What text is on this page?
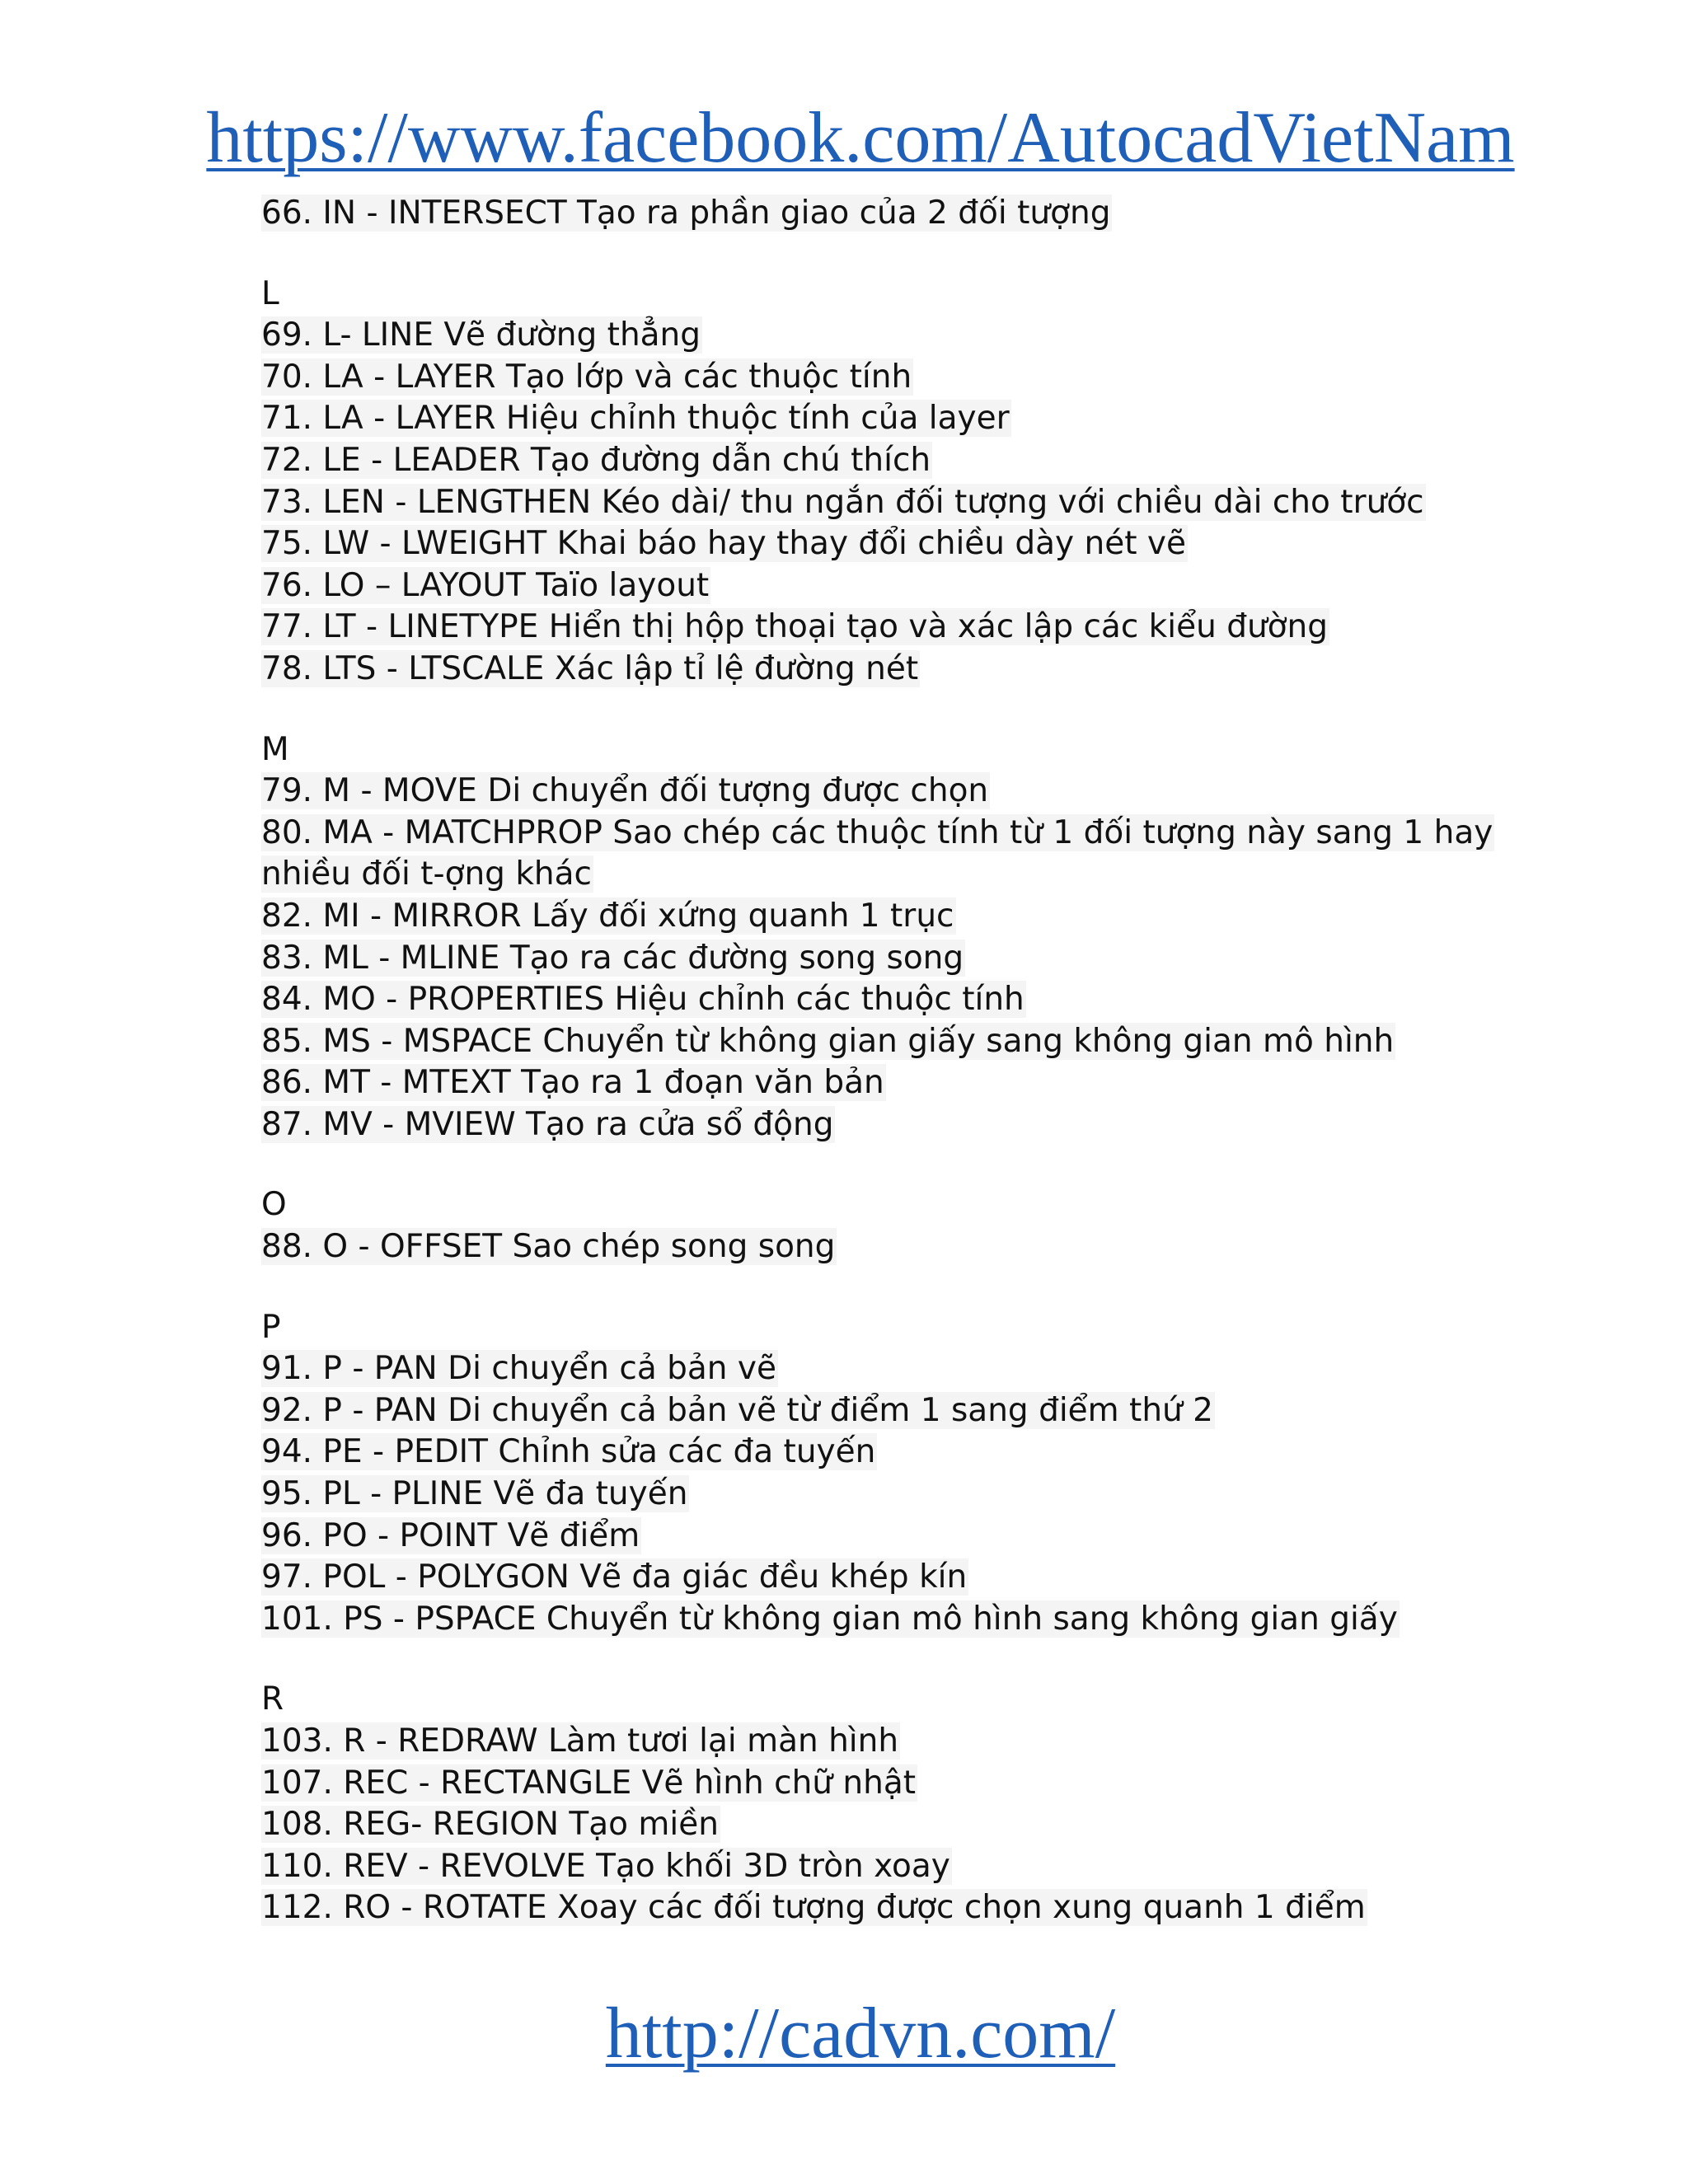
https://www.facebook.com/AutocadVietNam
66. IN - INTERSECT Tạo ra phần giao của 2 đối tượng
L
69. L- LINE Vẽ đường thẳng
70. LA - LAYER Tạo lớp và các thuộc tính
71. LA - LAYER Hiệu chỉnh thuộc tính của layer
72. LE - LEADER Tạo đường dẫn chú thích
73. LEN - LENGTHEN Kéo dài/ thu ngắn đối tượng với chiều dài cho trước
75. LW - LWEIGHT Khai báo hay thay đổi chiều dày nét vẽ
76. LO – LAYOUT Taïo layout
77. LT - LINETYPE Hiển thị hộp thoại tạo và xác lập các kiểu đường
78. LTS - LTSCALE Xác lập tỉ lệ đường nét
M
79. M - MOVE Di chuyển đối tượng được chọn
80. MA - MATCHPROP Sao chép các thuộc tính từ 1 đối tượng này sang 1 hay
nhiều đối t-ợng khác
82. MI - MIRROR Lấy đối xứng quanh 1 trục
83. ML - MLINE Tạo ra các đường song song
84. MO - PROPERTIES Hiệu chỉnh các thuộc tính
85. MS - MSPACE Chuyển từ không gian giấy sang không gian mô hình
86. MT - MTEXT Tạo ra 1 đoạn văn bản
87. MV - MVIEW Tạo ra cửa sổ động
O
88. O - OFFSET Sao chép song song
P
91. P - PAN Di chuyển cả bản vẽ
92. P - PAN Di chuyển cả bản vẽ từ điểm 1 sang điểm thứ 2
94. PE - PEDIT Chỉnh sửa các đa tuyến
95. PL - PLINE Vẽ đa tuyến
96. PO - POINT Vẽ điểm
97. POL - POLYGON Vẽ đa giác đều khép kín
101. PS - PSPACE Chuyển từ không gian mô hình sang không gian giấy
R
103. R - REDRAW Làm tươi lại màn hình
107. REC - RECTANGLE Vẽ hình chữ nhật
108. REG- REGION Tạo miền
110. REV - REVOLVE Tạo khối 3D tròn xoay
112. RO - ROTATE Xoay các đối tượng được chọn xung quanh 1 điểm
http://cadvn.com/
